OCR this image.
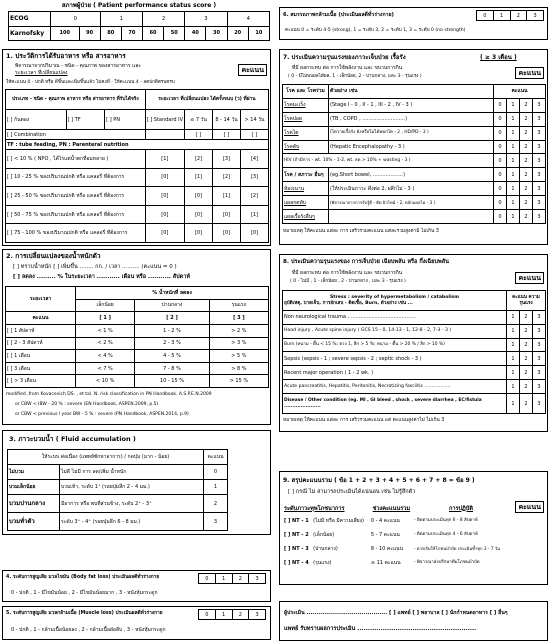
สภาพผู้ป่วย ( Patient performance status score )
ECOG	0		1		2		3		4	
Karnofsky	100	90	80	70	60	50	40	30	20	10
1. ประวัติการได้รับอาหาร หรือ สารอาหาร
คะแนน
พิจารณาจากปริมาณ - ชนิด - คุณภาพ ของสารอาหาร และ
ระยะเวลา ที่เปลี่ยนแปลง
ให้คะแนน 0 - ปกติ หรือ ดีขึ้นและเพิ่มขึ้นแล้ว ไม่คงที่ - ให้คะแนน 4 - ลดปกติครบครบ
ประเภท - ชนิด - คุณภาพ อาหาร หรือ สารอาหาร ที่รับได้จริง			ระยะเวลา ที่เปลี่ยนแปลง ได้ครั้งจนบ (ว) ที่ผ่าน			
[ ] ก้นตอง	[ ] TF	[ ] PN	[ ] Standard IV	≤ 7 วัน	8 - 14 วัน	> 14 วัน
[ ] Combination				[ ]	[ ]	[ ]
TF : tube feeding, PN : Parenteral nutrition						
[ ] < 10 % ( NPO , ได้ไรแต่น้ำตกที่อมหลาย )			[1]	[2]	[3]	[4]
[ ] 10 - 25 % ของปริมาณปกติ หรือ แคลอรี่ ที่ต้องการ			[0]	[1]	[2]	[3]
[ ] 25 - 50 % ของปริมาณปกติ หรือ แคลอรี่ ที่ต้องการ			[0]	[0]	[1]	[2]
[ ] 50 - 75 % ของปริมาณปกติ หรือ แคลอรี่ ที่ต้องการ			[0]	[0]	[0]	[1]
[ ] 75 - 100 % ของปริมาณปกติ หรือ แคลอรี่ ที่ต้องการ			[0]	[0]	[0]	[0]
2. การเปลี่ยนแปลงของน้ำหนักตัว
[ ] ทราบน้ำหนัก [ ] เพิ่มขึ้น ........ กก. / เวลา .......... (คะแนน = 0 )
[ ] ลดลง ......... % ในระยะเวลา ........... เดือน หรือ ........... สัปดาห์
ระยะเวลา	% น้ำหนักที่ ลดลง		
	เล็กน้อย	ปานกลาง	รุนแรง
คะแนน	[ 1 ]	[ 2 ]	[ 3 ]
[ ] 1 สัปดาห์	< 1 %	1 - 2 %	> 2 %
[ ] 2 - 3 สัปดาห์	< 2 %	2 - 3 %	> 3 %
[ ] 1 เดือน	< 4 %	4 - 5 %	> 5 %
[ ] 3 เดือน	< 7 %	7 - 8 %	> 8 %
[ ] > 3 เดือน	< 10 %	10 - 15 %	> 15 %
modified ,from Kovacevich DS. , et tal. N. risk classification in PN Handbook. A.S.P.E.N.2009
or CBW < IBW - 20 % : severe (EN Handbook, ASPEN.2009, p.5)
or CBW < previous l year BW - 5 % : severe (PN Handbook, ASPEN.2014, p.9)
3. ภาวะบวมน้ำ ( Fluid accumulation )
ให้ระบบ ต่อเนื่อง (แพทย์ซักหาอาการ) / กดบุ๋ม (มาก - น้อย)		คะแนน
ไม่บวม	ไม่ดี ไม่มี การ ลด/เพิ่ม น้ำหนัก	0
บวมเล็กน้อย	บวมเท้า, ระดับ 1⁺ (รอยบุ๋มลึก 2 - 4 มม.)	1
บวมปานกลาง	มีอาการ หรือ พบที่ส่วนข้าง, ระดับ 2⁺ - 3⁺	2
บวมทั่วตัว	ระดับ 3⁺ - 4⁺ (รอยบุ๋มลึก 6 - 8 มม.)	3
4. ระดับการสูญเสีย มวลไขมัน (Body fat loss) ประเมินผลดีทั่วร่างกาย	0	1	2	3
0 - ปกติ , 1 - มีไขมันน้อย , 2 - มีไขมันน้อยมาก , 3 - หนังหุ้มกระดูก
5. ระดับการสูญเสีย มวลกล้ามเนื้อ (Muscle loss) ประเมินผลดีทั่วร่างกาย	0	1	2	3
0 - ปกติ , 1 - กล้ามเนื้อน้อยลง , 2 - กล้ามเนื้อฝ่อลีบ , 3 - หนังหุ้มกระดูก
6. สมรรถภาพกล้ามเนื้อ (ประเมินผลดีทั่วร่างกาย)	0	1	2	3
คะแนน 0 = ระดับ 4-5 (strong), 1 = ระดับ 3, 2 = ระดับ 1, 3 = ระดับ 0 (no strength)
7. ประเมินความรุนแรงของภาวะเจ็บป่วย เรื้อรัง	( ≥ 3 เดือน )
คะแนน
ที่มี ผลกระทบ ต่อ การใช้พลังงาน และ ขบวนการกิน
( 0 - มีไม่พบผลได้ผล, 1 - เล็กน้อย, 2 - ปานกลาง, และ 3 - รุนแรง )
โรค และ โรคร่วม	ตัวอย่าง เช่น	คะแนน			
โรคมะเร็ง	(Stage I - 0 , II - 1 , III - 2 , IV - 3 )	0	1	2	3
โรคปอด	(TB , COPD , ...........................)	0	1	2	3
โรคไต	(ไตวายเรื้อรัง ยังหรือไม่ได้ฟอกไต - 2 , HD/PD - 3 )	0	1	2	3
โรคตับ	(Hepatic Encephalopathy - 3 )	0	1	2	3
HIV (ถ้ามีการ - wt. 10% - 1-2, wt. ลด > 10% + wasting - 3 )		0	1	2	3
โรค / สภาวะ อื่นๆ	(eg.Short bowel, ...................)	0	1	2	3
ห้องเนาน	(ให้ประเมินภาวะ ดึงต่อ 2, ผลึกไม่ - 3 )	0	1	2	3
แผลกดทับ	(พิจารณาจากการรับรู้ดี - ติด ผิวไหม้ - 2, หลักแผลไม่ - 3 )	0	1	2	3
แผลเรื้อรังอื่นๆ		0	1	2	3
หมายเหตุ ให้คะแนน แต่ละ การ เสริวรวมคะแนน แต่ละรวมสูงค่ามิ ไม่เกิน 3
8. ประเมินความรุนแรงของ การเจ็บป่วย เฉียบพลัน หรือ กึ่งเฉียบพลัน
คะแนน
ที่มี ผลกระทบ ต่อ การใช้พลังงาน และ ขบวนการกิน
( 0 - ไม่มี , 1 - เล็กน้อย , 2 - ปานกลาง , และ 3 - รุนแรง )
Stress : severity of hypermetabolism / catabolism
อุบัติเหตุ, บาดเจ็บ, การอักเสบ - ติดเชื้อ, Burn, ตัวอย่าง เช่น ...	คะแนน ความรุนแรง		
Non neurological trauma , .........................................	1	2	3
Head injury , Acute spine injury ( GCS 15 - 0, 14-13 - 1, 12-8 - 2, 7-3 - 3 )	1	2	3
Burn (หนาม - ตื้น < 15 %; ตรง 1, ลึก > 5 %; หนาม - ตื้น > 20 % / ลึก > 10 %)	1	2	3
Sepsis (sepsis - 1 ; severe sepsis - 2 ; septic shock - 3 )	1	2	3
Recent major operation ( 1 - 2 wk. )	1	2	3
Acute pancreatitis, Hepatitis, Peritonitis, Necrotizing fasciitis ..................	1	2	3
Disease / Other condition (eg. MI , GI bleed , shock , severe diarrhea , EC/fistula ......................	1	2	3
หมายเหตุ ให้คะแนน แต่ละ การ เสริวรวมคะแนน แต่ คะแนนสูงค่าไม่ ไม่เกิน 3
9. สรุปคะแนนรวม ( ข้อ 1 + 2 + 3 + 4 + 5 + 6 + 7 + 8 = ข้อ 9 )
[ ] กรณี ไม่ สามารถประเมินได้แน่นอน เช่น ไม่รู้สึกตัว
คะแนน
ระดับภาวะทุพโภชนาการ		ช่วงคะแนนรวม	การปฏิบัติ
[ ] NT - 1	(ไม่มี หรือ มีความเสี่ยง)	0 - 4 คะแนน	- ติดตามประเมินทุก 6 - 8 สัปดาห์
[ ] NT - 2	(เล็กน้อย)	5 - 7 คะแนน	- ติดตามประเมินทุก 4 - 6 สัปดาห์
[ ] NT - 3	(ปานกลาง)	8 - 10 คะแนน	- ควรเริ่มให้โภชนบำบัด ประเมินซ้ำทุก 3 - 7 วัน
[ ] NT - 4	(รุนแรง)	≥ 11 คะแนน	- พิจารณาส่งปรึกษาทีมโภชนบำบัด
ผู้ประเมิน ......................................... [ ] แพทย์ [ ] พยาบาล [ ] นักกำหนดอาหาร [ ] อื่นๆ
แพทย์ รับทราบผลการประเมิน ........................................................
